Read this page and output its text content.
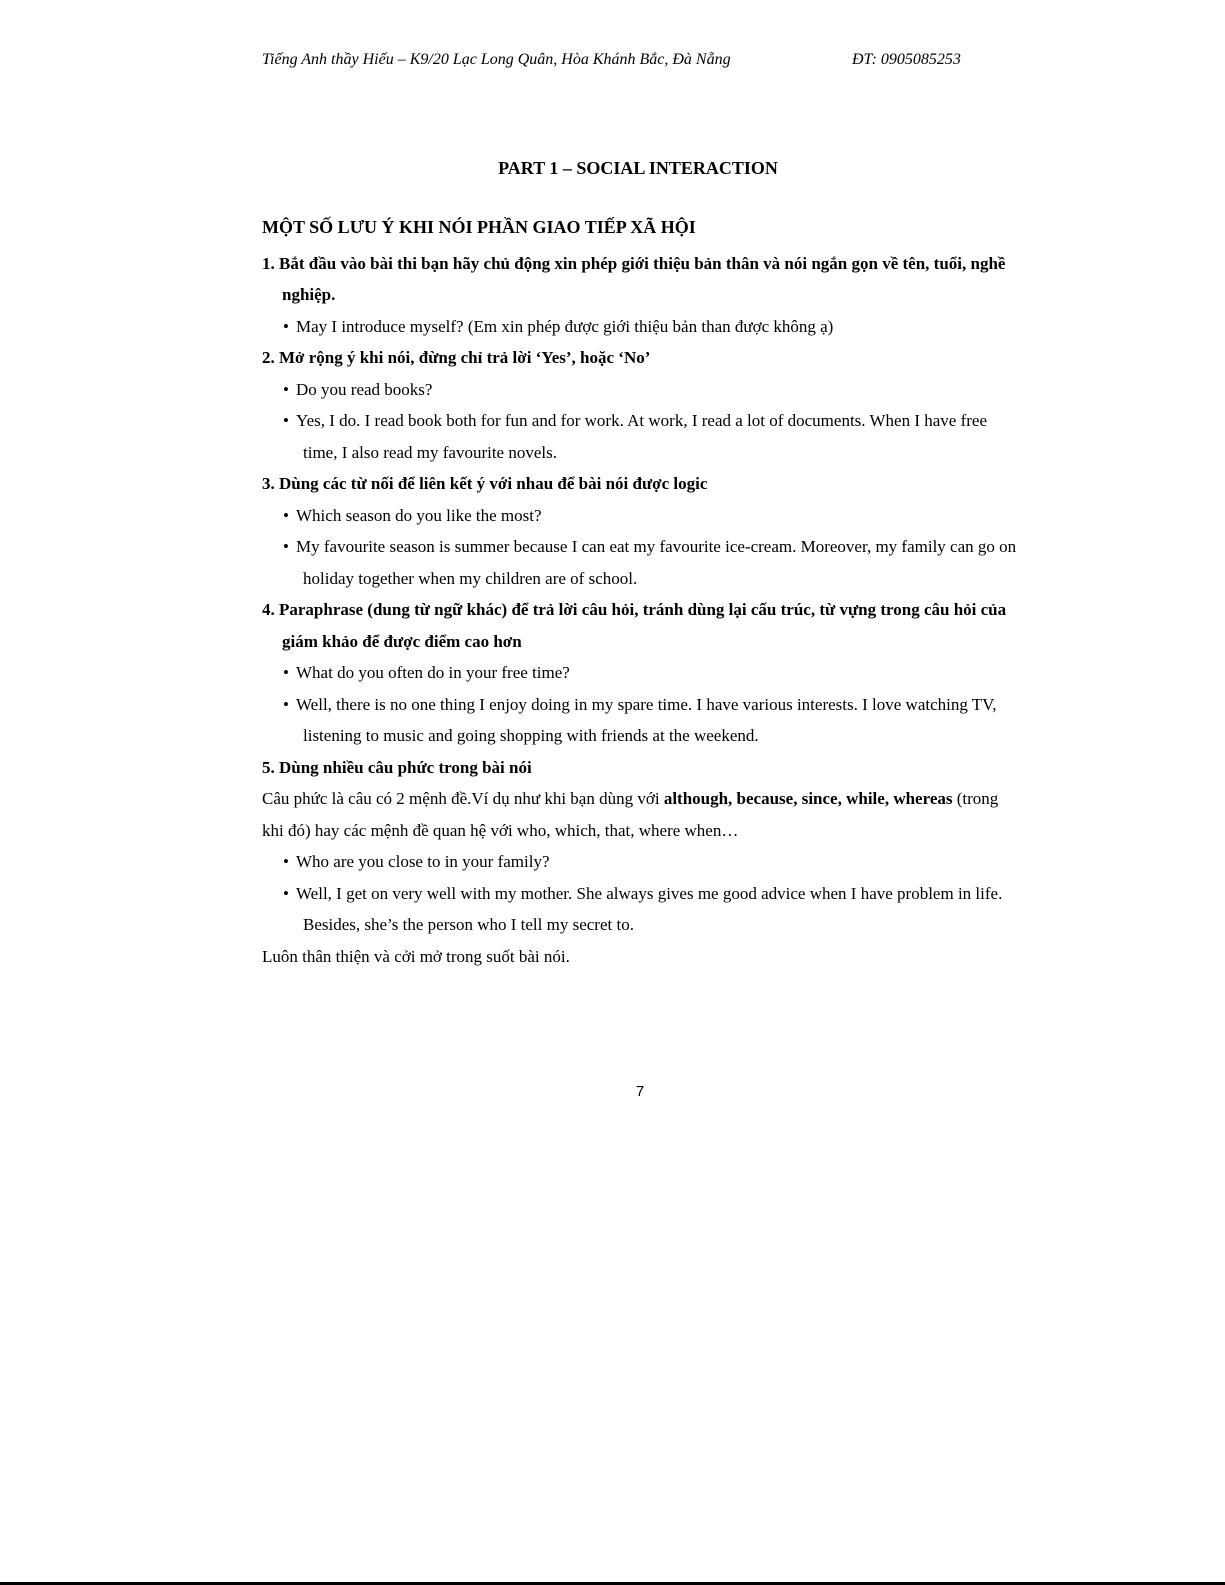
Tiếng Anh thầy Hiếu – K9/20 Lạc Long Quân, Hòa Khánh Bắc, Đà Nẵng	ĐT: 0905085253
PART 1 – SOCIAL INTERACTION
MỘT SỐ LƯU Ý KHI NÓI PHẦN GIAO TIẾP XÃ HỘI
1. Bắt đầu vào bài thi bạn hãy chủ động xin phép giới thiệu bản thân và nói ngắn gọn về tên, tuổi, nghề nghiệp.
• May I introduce myself? (Em xin phép được giới thiệu bản than được không ạ)
2. Mở rộng ý khi nói, đừng chỉ trả lời ‘Yes’, hoặc ‘No’
• Do you read books?
• Yes, I do. I read book both for fun and for work. At work, I read a lot of documents. When I have free time, I also read my favourite novels.
3. Dùng các từ nối để liên kết ý với nhau để bài nói được logic
• Which season do you like the most?
• My favourite season is summer because I can eat my favourite ice-cream. Moreover, my family can go on holiday together when my children are of school.
4. Paraphrase (dung từ ngữ khác) để trả lời câu hỏi, tránh dùng lại cấu trúc, từ vựng trong câu hỏi của giám khảo để được điểm cao hơn
• What do you often do in your free time?
• Well, there is no one thing I enjoy doing in my spare time. I have various interests. I love watching TV, listening to music and going shopping with friends at the weekend.
5. Dùng nhiều câu phức trong bài nói
Câu phức là câu có 2 mệnh đề.Ví dụ như khi bạn dùng với although, because, since, while, whereas (trong khi đó) hay các mệnh đề quan hệ với who, which, that, where when…
• Who are you close to in your family?
• Well, I get on very well with my mother. She always gives me good advice when I have problem in life. Besides, she’s the person who I tell my secret to.
Luôn thân thiện và cởi mở trong suốt bài nói.
7
